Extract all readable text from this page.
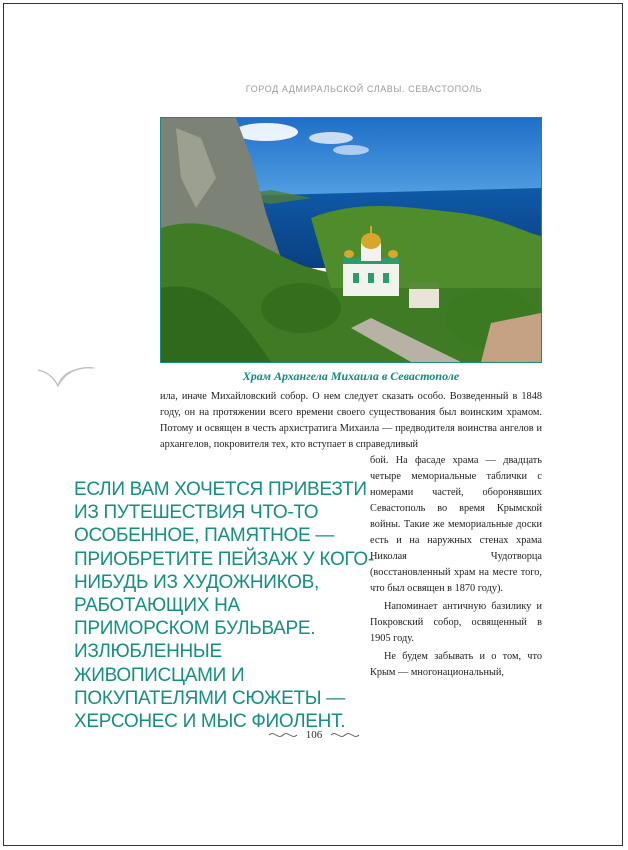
ГОРОД АДМИРАЛЬСКОЙ СЛАВЫ. СЕВАСТОПОЛЬ
Храм Архангела Михаила в Севастополе

ила, иначе Михайловский собор. О нем следует сказать особо. Возведенный в 1848 году, он на протяжении всего времени своего существования был воинским храмом. Потому и освящен в честь архистратига Михаила — предводителя воинства ангелов и архангелов, покровителя тех, кто вступает в справедливый

бой. На фасаде храма — двадцать четыре мемориальные таблички с номерами частей, оборонявших Севастополь во время Крымской войны. Такие же мемориальные доски есть и на наружных стенах храма Николая Чудотворца (восстановленный храм на месте того, что был освящен в 1870 году).

Напоминает античную базилику и Покровский собор, освященный в 1905 году.

Не будем забывать и о том, что Крым — многонациональный,

ЕСЛИ ВАМ ХОЧЕТСЯ ПРИВЕЗТИ ИЗ ПУТЕШЕСТВИЯ ЧТО-ТО ОСОБЕННОЕ, ПАМЯТНОЕ — ПРИОБРЕТИТЕ ПЕЙЗАЖ У КОГО-НИБУДЬ ИЗ ХУДОЖНИКОВ, РАБОТАЮЩИХ НА ПРИМОРСКОМ БУЛЬВАРЕ. ИЗЛЮБЛЕННЫЕ ЖИВОПИСЦАМИ И ПОКУПАТЕЛЯМИ СЮЖЕТЫ — ХЕРСОНЕС И МЫС ФИОЛЕНТ.

106
